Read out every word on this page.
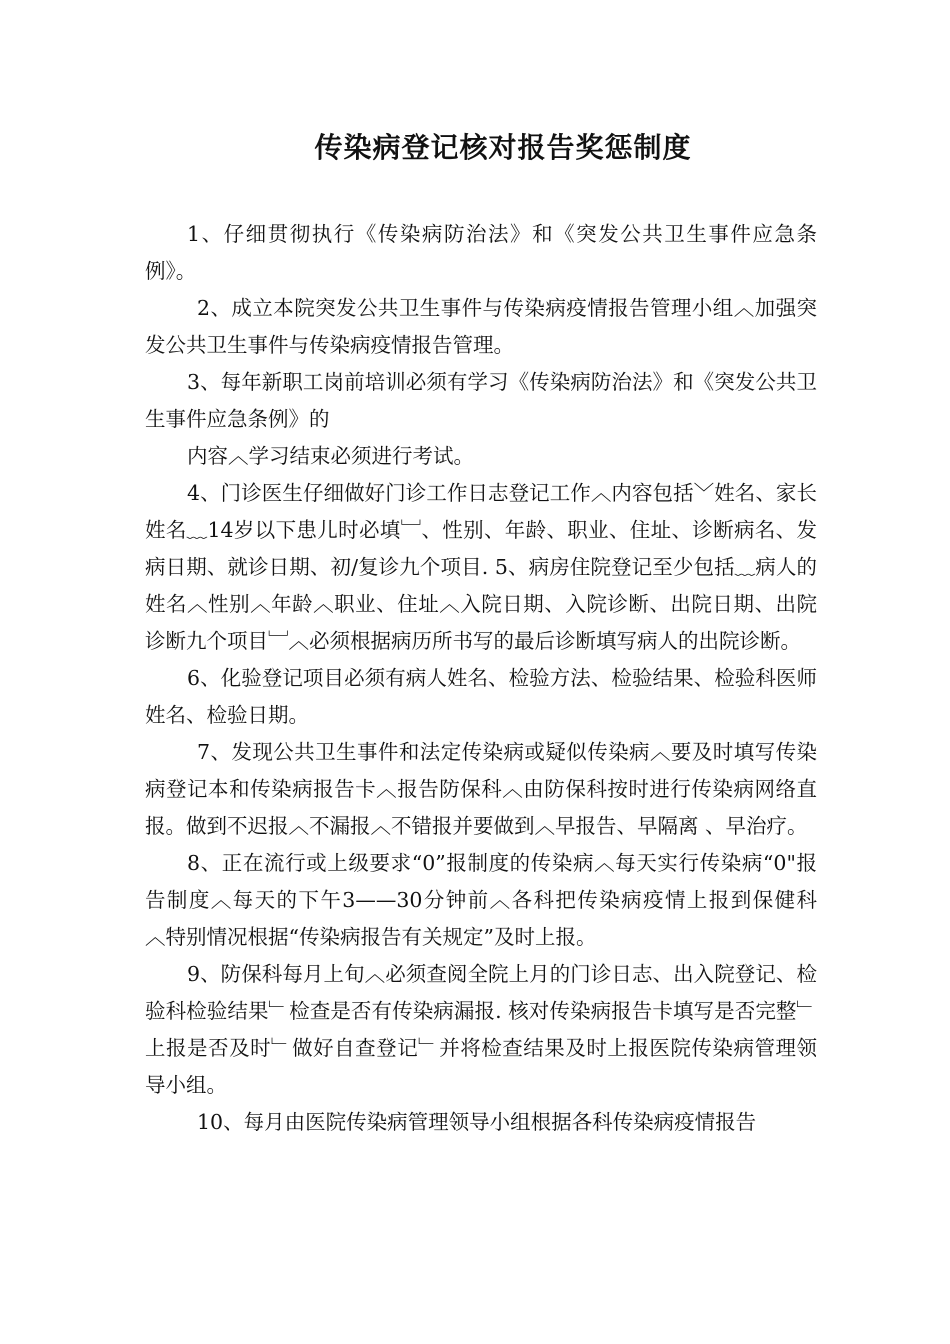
传染病登记核对报告奖惩制度

1、仔细贯彻执行《传染病防治法》和《突发公共卫生事件应急条例》。

2、成立本院突发公共卫生事件与传染病疫情报告管理小组︿加强突发公共卫生事件与传染病疫情报告管理。

3、每年新职工岗前培训必须有学习《传染病防治法》和《突发公共卫生事件应急条例》的

内容︿学习结束必须进行考试。

4、门诊医生仔细做好门诊工作日志登记工作︿内容包括﹀姓名、家长姓名﹏14岁以下患儿时必填﹈、性别、年龄、职业、住址、诊断病名、发病日期、就诊日期、初/复诊九个项目. 5、病房住院登记至少包括﹏病人的姓名︿性别︿年龄︿职业、住址︿入院日期、入院诊断、出院日期、出院诊断九个项目﹈︿必须根据病历所书写的最后诊断填写病人的出院诊断。

6、化验登记项目必须有病人姓名、检验方法、检验结果、检验科医师姓名、检验日期。

7、发现公共卫生事件和法定传染病或疑似传染病︿要及时填写传染病登记本和传染病报告卡︿报告防保科︿由防保科按时进行传染病网络直报。做到不迟报︿不漏报︿不错报并要做到︿早报告、早隔离 、早治疗。

8、正在流行或上级要求“0”报制度的传染病︿每天实行传染病“0"报告制度︿每天的下午3——30分钟前︿各科把传染病疫情上报到保健科︿特别情况根据“传染病报告有关规定”及时上报。

9、防保科每月上旬︿必须查阅全院上月的门诊日志、出入院登记、检验科检验结果﹂检查是否有传染病漏报. 核对传染病报告卡填写是否完整﹂上报是否及时﹂做好自查登记﹂并将检查结果及时上报医院传染病管理领导小组。

10、每月由医院传染病管理领导小组根据各科传染病疫情报告
